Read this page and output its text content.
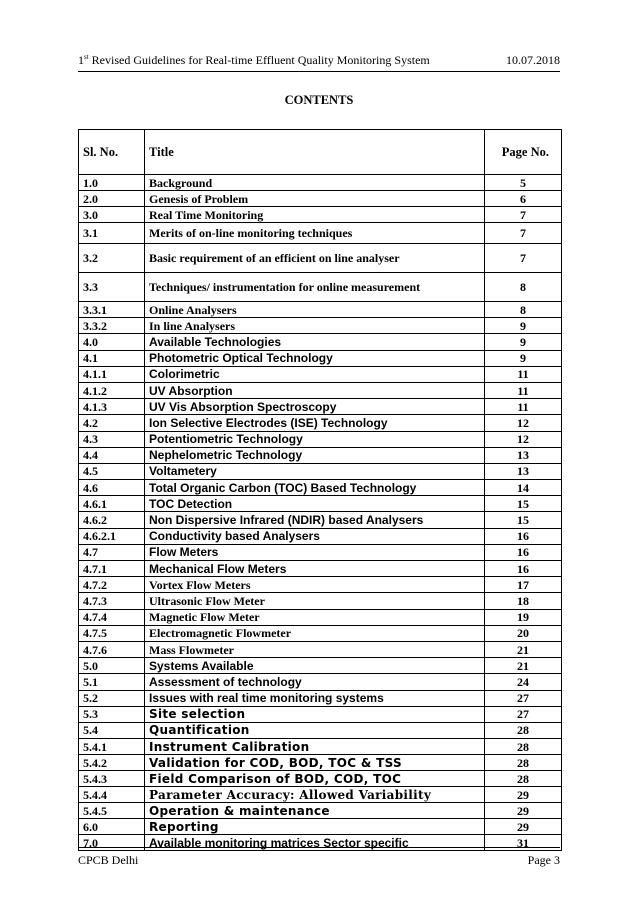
1st Revised Guidelines for Real-time Effluent Quality Monitoring System	10.07.2018
CONTENTS
Sl. No.	Title	Page No.
1.0	Background	5
2.0	Genesis of Problem	6
3.0	Real Time Monitoring	7
3.1	Merits of on-line monitoring techniques	7
3.2	Basic requirement of an efficient on line analyser	7
3.3	Techniques/ instrumentation for online measurement	8
3.3.1	Online Analysers	8
3.3.2	In line Analysers	9
4.0	Available Technologies	9
4.1	Photometric Optical Technology	9
4.1.1	Colorimetric	11
4.1.2	UV Absorption	11
4.1.3	UV Vis Absorption Spectroscopy	11
4.2	Ion Selective Electrodes (ISE) Technology	12
4.3	Potentiometric Technology	12
4.4	Nephelometric Technology	13
4.5	Voltametery	13
4.6	Total Organic Carbon (TOC) Based Technology	14
4.6.1	TOC Detection	15
4.6.2	Non Dispersive Infrared (NDIR) based Analysers	15
4.6.2.1	Conductivity based Analysers	16
4.7	Flow Meters	16
4.7.1	Mechanical Flow Meters	16
4.7.2	Vortex Flow Meters	17
4.7.3	Ultrasonic Flow Meter	18
4.7.4	Magnetic Flow Meter	19
4.7.5	Electromagnetic Flowmeter	20
4.7.6	Mass Flowmeter	21
5.0	Systems Available	21
5.1	Assessment of technology	24
5.2	Issues with real time monitoring systems	27
5.3	Site selection	27
5.4	Quantification	28
5.4.1	Instrument Calibration	28
5.4.2	Validation for COD, BOD, TOC & TSS	28
5.4.3	Field Comparison of BOD, COD, TOC	28
5.4.4	Parameter Accuracy: Allowed Variability	29
5.4.5	Operation & maintenance	29
6.0	Reporting	29
7.0	Available monitoring matrices Sector specific	31
CPCB Delhi	Page 3
